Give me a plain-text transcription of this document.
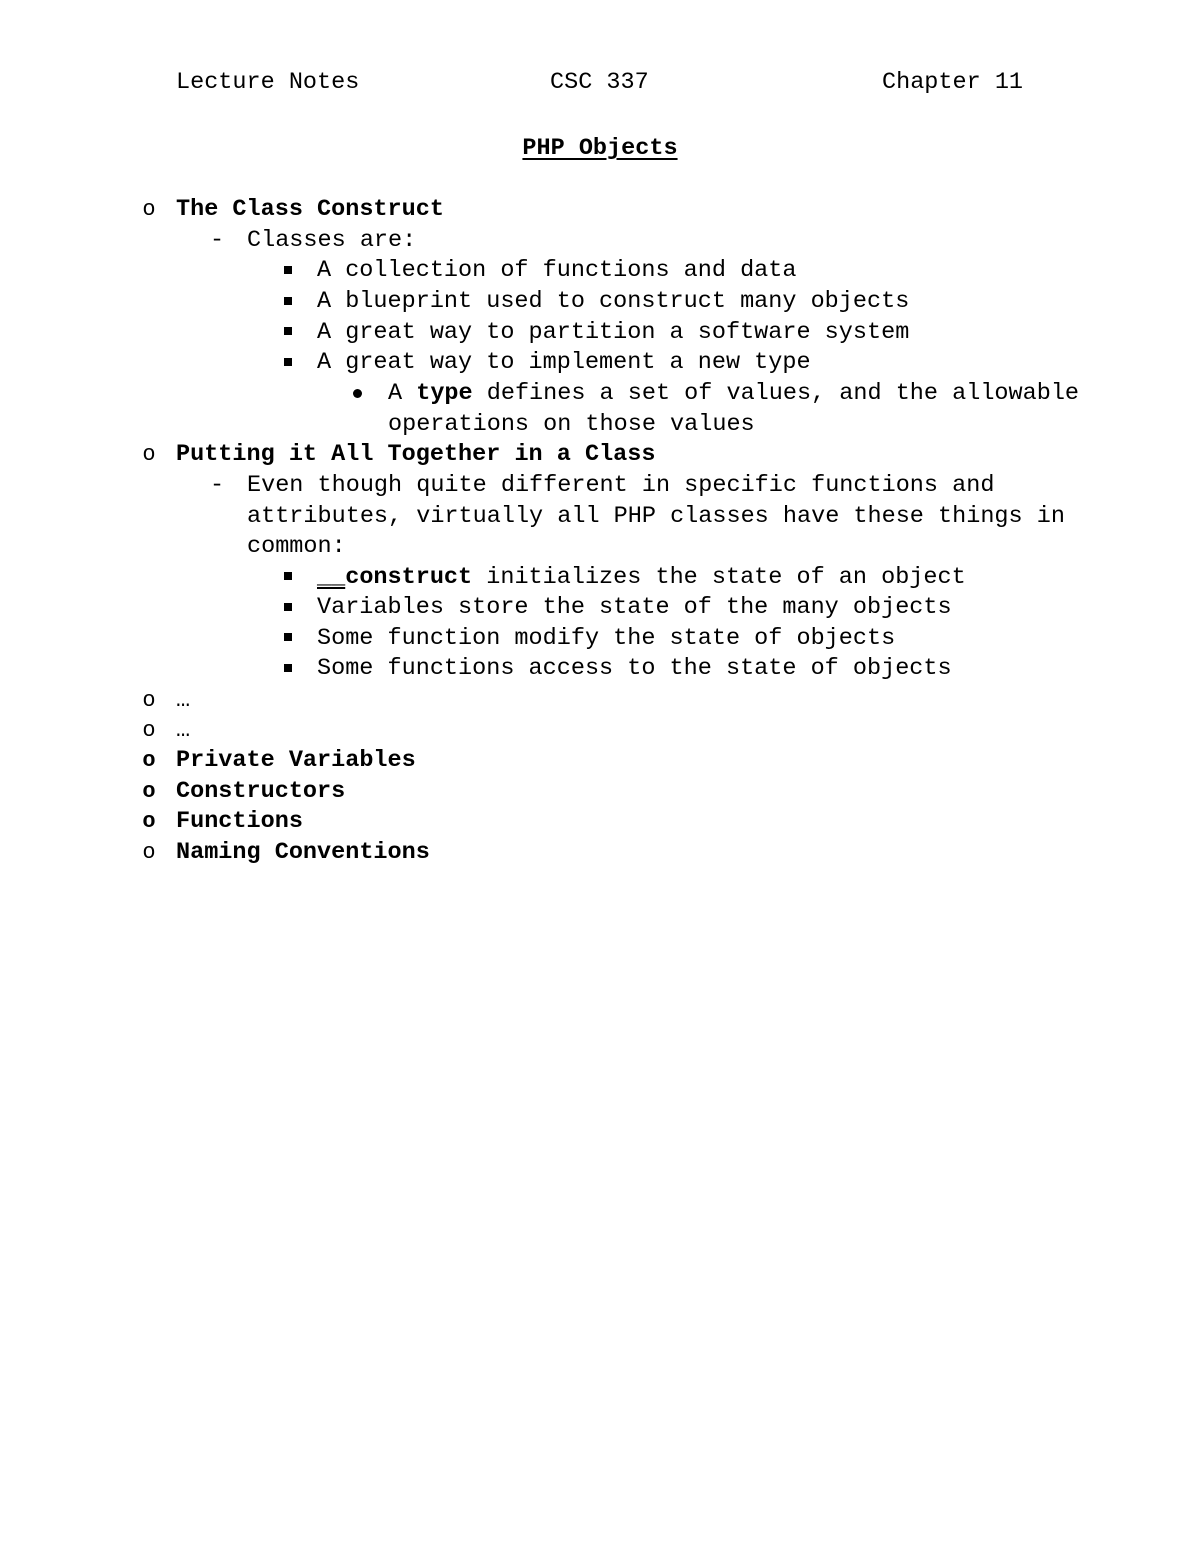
Lecture Notes	CSC 337	Chapter 11
PHP Objects
o The Class Construct
- Classes are:
A collection of functions and data
A blueprint used to construct many objects
A great way to partition a software system
A great way to implement a new type
A type defines a set of values, and the allowable
operations on those values
o Putting it All Together in a Class
- Even though quite different in specific functions and
attributes, virtually all PHP classes have these things in
common:
__construct initializes the state of an object
Variables store the state of the many objects
Some function modify the state of objects
Some functions access to the state of objects
o …
o …
o Private Variables
o Constructors
o Functions
o Naming Conventions
